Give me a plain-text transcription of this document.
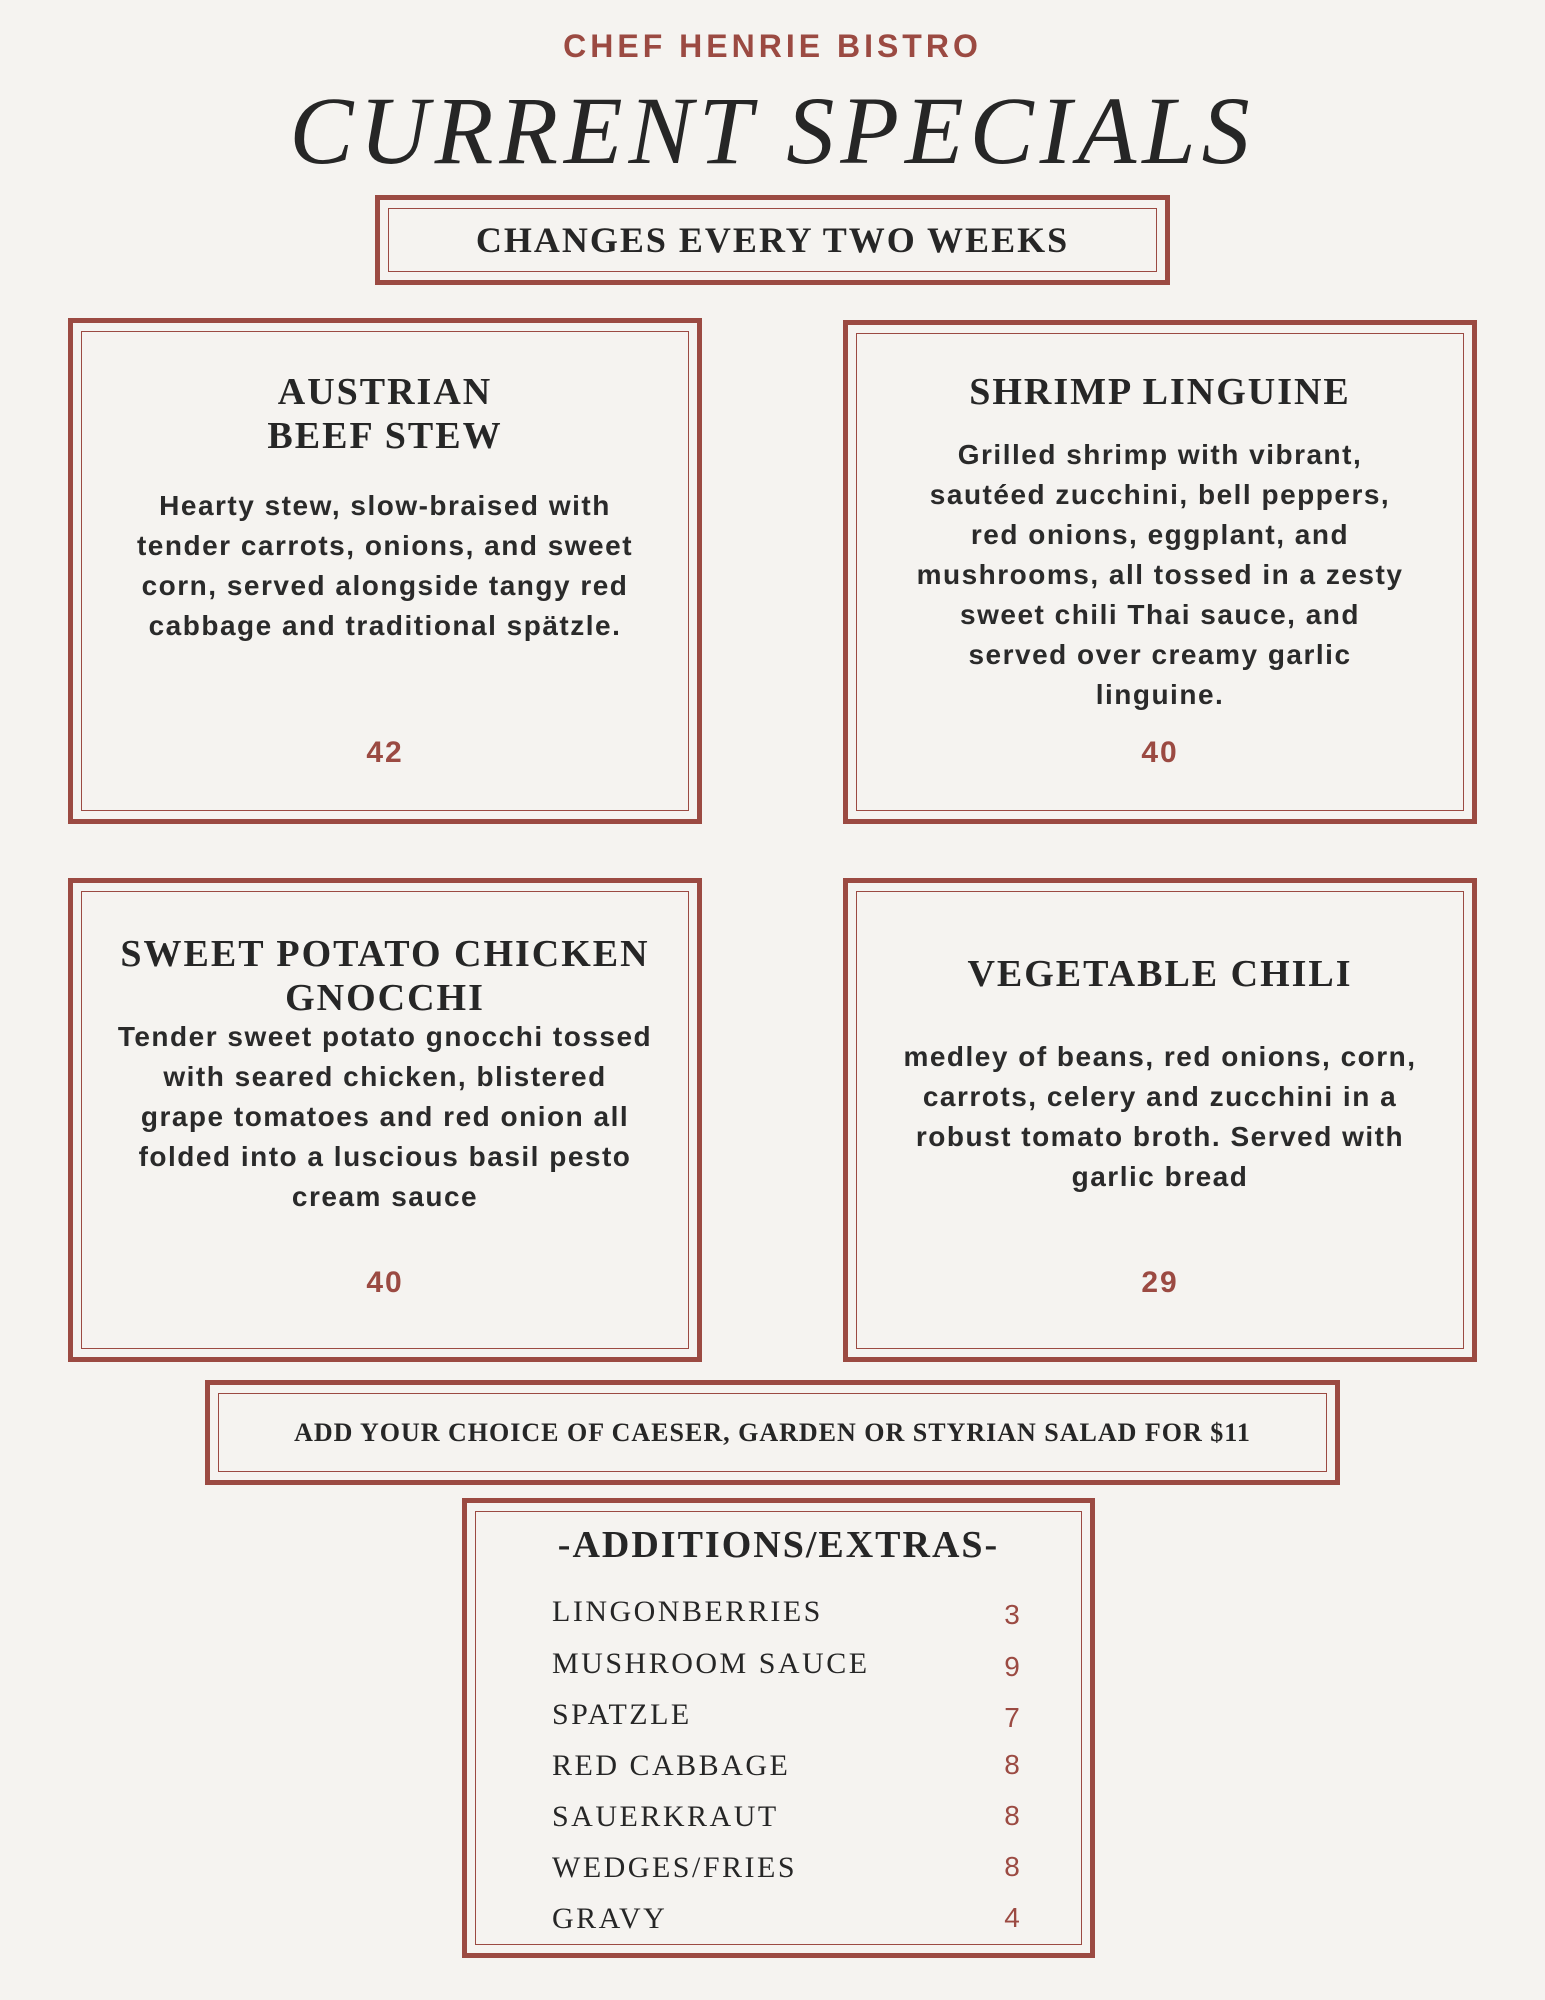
CHEF HENRIE BISTRO
CURRENT SPECIALS
CHANGES EVERY TWO WEEKS
AUSTRIAN
BEEF STEW
Hearty stew, slow-braised with
tender carrots, onions, and sweet
corn, served alongside tangy red
cabbage and traditional spätzle.
42
SHRIMP LINGUINE
Grilled shrimp with vibrant,
sautéed zucchini, bell peppers,
red onions, eggplant, and
mushrooms, all tossed in a zesty
sweet chili Thai sauce, and
served over creamy garlic
linguine.
40
SWEET POTATO CHICKEN
GNOCCHI
Tender sweet potato gnocchi tossed
with seared chicken, blistered
grape tomatoes and red onion all
folded into a luscious basil pesto
cream sauce
40
VEGETABLE CHILI
medley of beans, red onions, corn,
carrots, celery and zucchini in a
robust tomato broth. Served with
garlic bread
29
ADD YOUR CHOICE OF CAESER, GARDEN OR STYRIAN SALAD FOR $11
-ADDITIONS/EXTRAS-
LINGONBERRIES	3
MUSHROOM SAUCE	9
SPATZLE	7
RED CABBAGE	8
SAUERKRAUT	8
WEDGES/FRIES	8
GRAVY	4
